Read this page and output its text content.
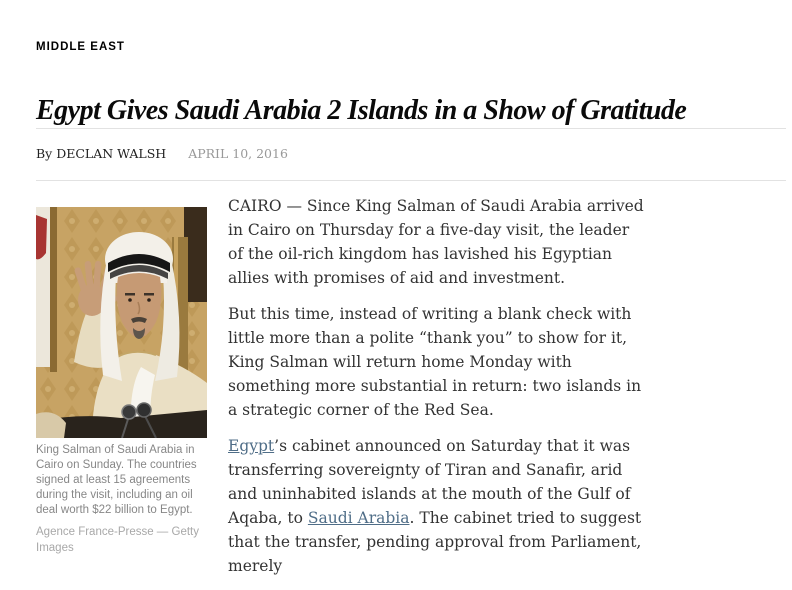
MIDDLE EAST
Egypt Gives Saudi Arabia 2 Islands in a Show of Gratitude
By DECLAN WALSH APRIL 10, 2016
King Salman of Saudi Arabia in Cairo on Sunday. The countries signed at least 15 agreements during the visit, including an oil deal worth $22 billion to Egypt.
Agence France-Presse — Getty Images

CAIRO — Since King Salman of Saudi Arabia arrived in Cairo on Thursday for a five-day visit, the leader of the oil-rich kingdom has lavished his Egyptian allies with promises of aid and investment.

But this time, instead of writing a blank check with little more than a polite “thank you” to show for it, King Salman will return home Monday with something more substantial in return: two islands in a strategic corner of the Red Sea.

Egypt’s cabinet announced on Saturday that it was transferring sovereignty of Tiran and Sanafir, arid and uninhabited islands at the mouth of the Gulf of Aqaba, to Saudi Arabia. The cabinet tried to suggest that the transfer, pending approval from Parliament, merely
